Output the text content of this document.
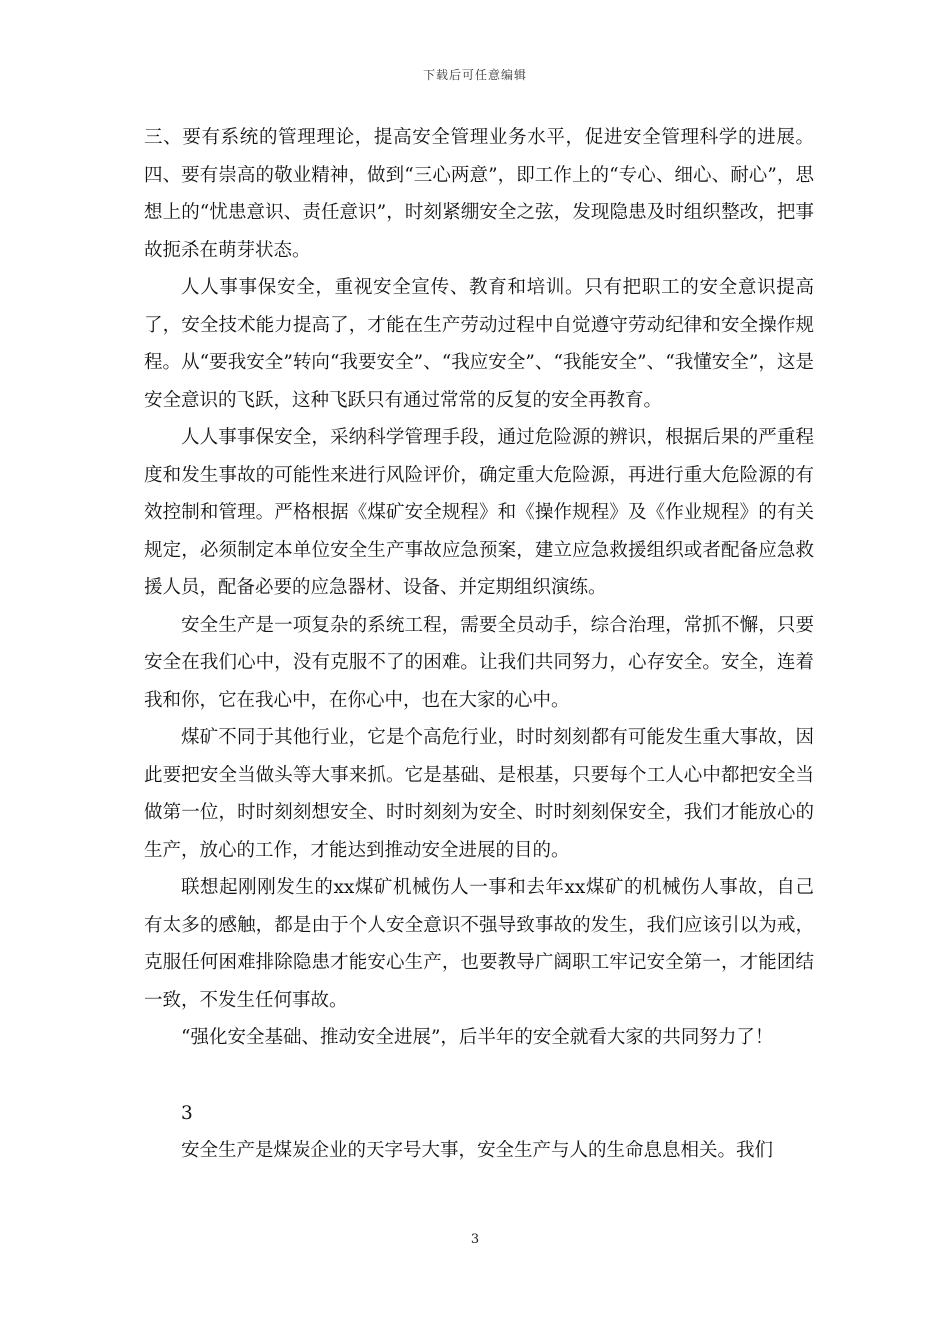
下载后可任意编辑

三、要有系统的管理理论，提高安全管理业务水平，促进安全管理科学的进展。四、要有崇高的敬业精神，做到“三心两意”，即工作上的“专心、细心、耐心”，思想上的“忧患意识、责任意识”，时刻紧绷安全之弦，发现隐患及时组织整改，把事故扼杀在萌芽状态。

人人事事保安全，重视安全宣传、教育和培训。只有把职工的安全意识提高了，安全技术能力提高了，才能在生产劳动过程中自觉遵守劳动纪律和安全操作规程。从“要我安全”转向“我要安全”、“我应安全”、“我能安全”、“我懂安全”，这是安全意识的飞跃，这种飞跃只有通过常常的反复的安全再教育。

人人事事保安全，采纳科学管理手段，通过危险源的辨识，根据后果的严重程度和发生事故的可能性来进行风险评价，确定重大危险源，再进行重大危险源的有效控制和管理。严格根据《煤矿安全规程》和《操作规程》及《作业规程》的有关规定，必须制定本单位安全生产事故应急预案，建立应急救援组织或者配备应急救援人员，配备必要的应急器材、设备、并定期组织演练。

安全生产是一项复杂的系统工程，需要全员动手，综合治理，常抓不懈，只要安全在我们心中，没有克服不了的困难。让我们共同努力，心存安全。安全，连着我和你，它在我心中，在你心中，也在大家的心中。

煤矿不同于其他行业，它是个高危行业，时时刻刻都有可能发生重大事故，因此要把安全当做头等大事来抓。它是基础、是根基，只要每个工人心中都把安全当做第一位，时时刻刻想安全、时时刻刻为安全、时时刻刻保安全，我们才能放心的生产，放心的工作，才能达到推动安全进展的目的。

联想起刚刚发生的xx煤矿机械伤人一事和去年xx煤矿的机械伤人事故，自己有太多的感触，都是由于个人安全意识不强导致事故的发生，我们应该引以为戒，克服任何困难排除隐患才能安心生产，也要教导广阔职工牢记安全第一，才能团结一致，不发生任何事故。

“强化安全基础、推动安全进展”，后半年的安全就看大家的共同努力了！

3

安全生产是煤炭企业的天字号大事，安全生产与人的生命息息相关。我们

3
